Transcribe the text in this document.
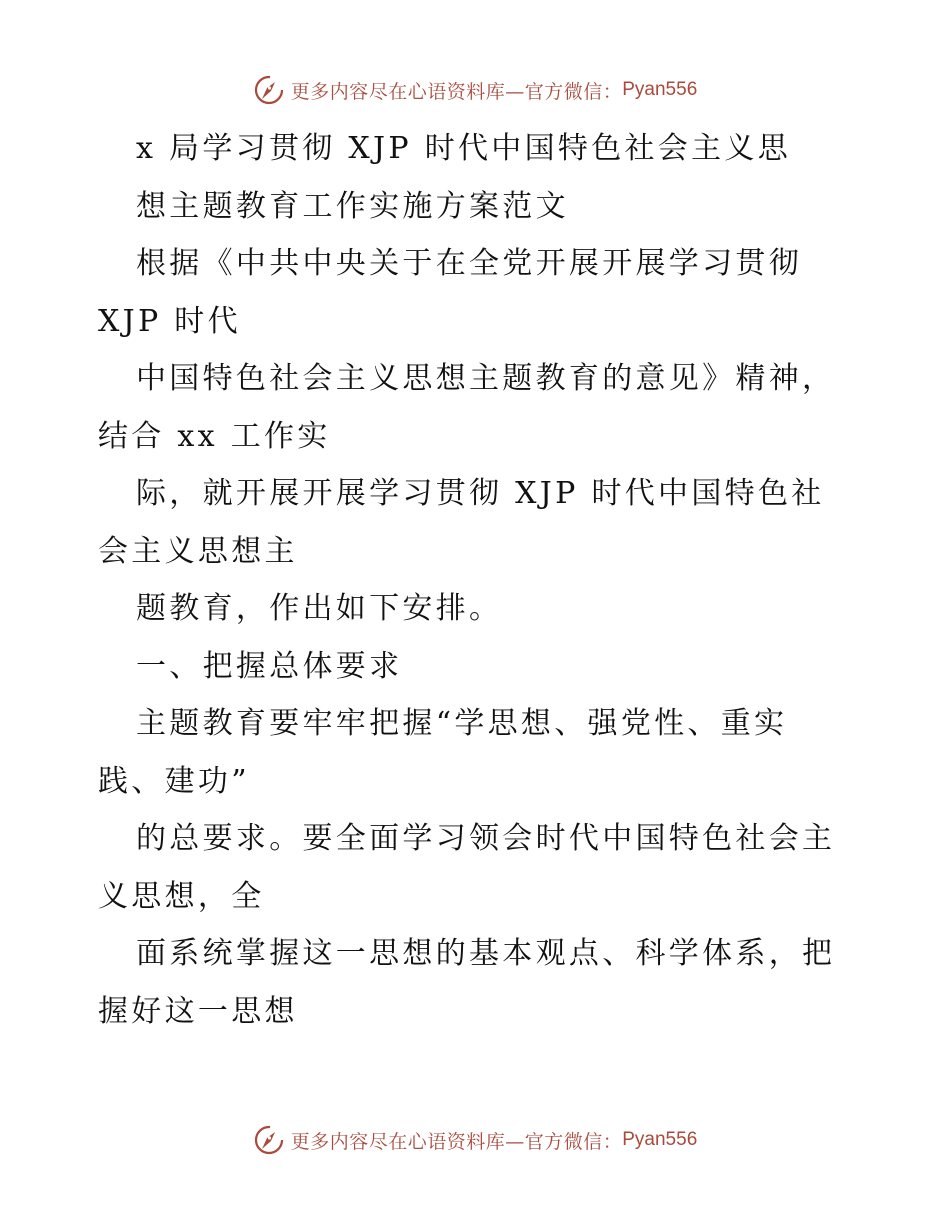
更多内容尽在心语资料库—官方微信： Pyan556
x 局学习贯彻 XJP 时代中国特色社会主义思
想主题教育工作实施方案范文
根据《中共中央关于在全党开展开展学习贯彻
XJP 时代
中国特色社会主义思想主题教育的意见》精神，
结合 xx 工作实
际，就开展开展学习贯彻 XJP 时代中国特色社
会主义思想主
题教育，作出如下安排。
一、把握总体要求
主题教育要牢牢把握“学思想、强党性、重实
践、建功”
的总要求。要全面学习领会时代中国特色社会主
义思想，全
面系统掌握这一思想的基本观点、科学体系，把
握好这一思想
更多内容尽在心语资料库—官方微信： Pyan556
